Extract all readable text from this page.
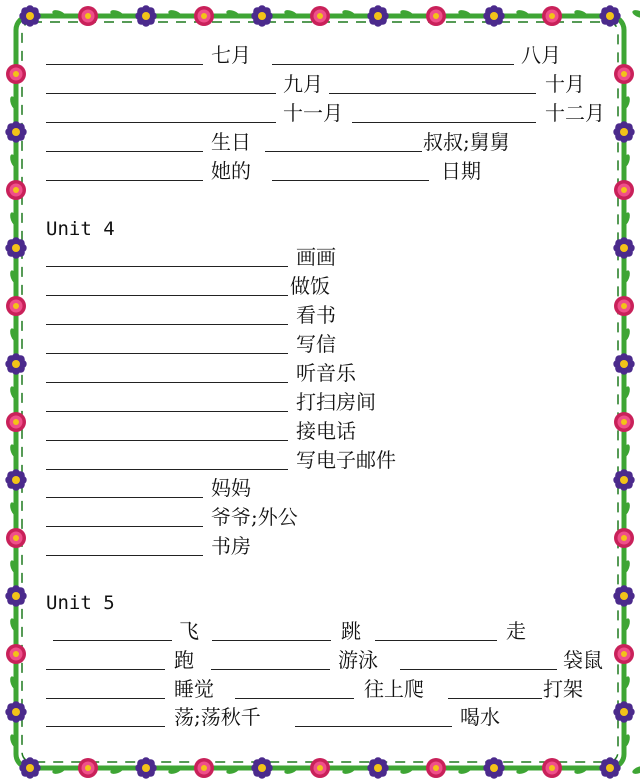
七月	八月
九月	十月
十一月	十二月
生日	叔叔;舅舅
她的	日期
Unit 4
画画
做饭
看书
写信
听音乐
打扫房间
接电话
写电子邮件
妈妈
爷爷;外公
书房
Unit 5
飞	跳	走
跑	游泳	袋鼠
睡觉	往上爬	打架
荡;荡秋千	喝水
